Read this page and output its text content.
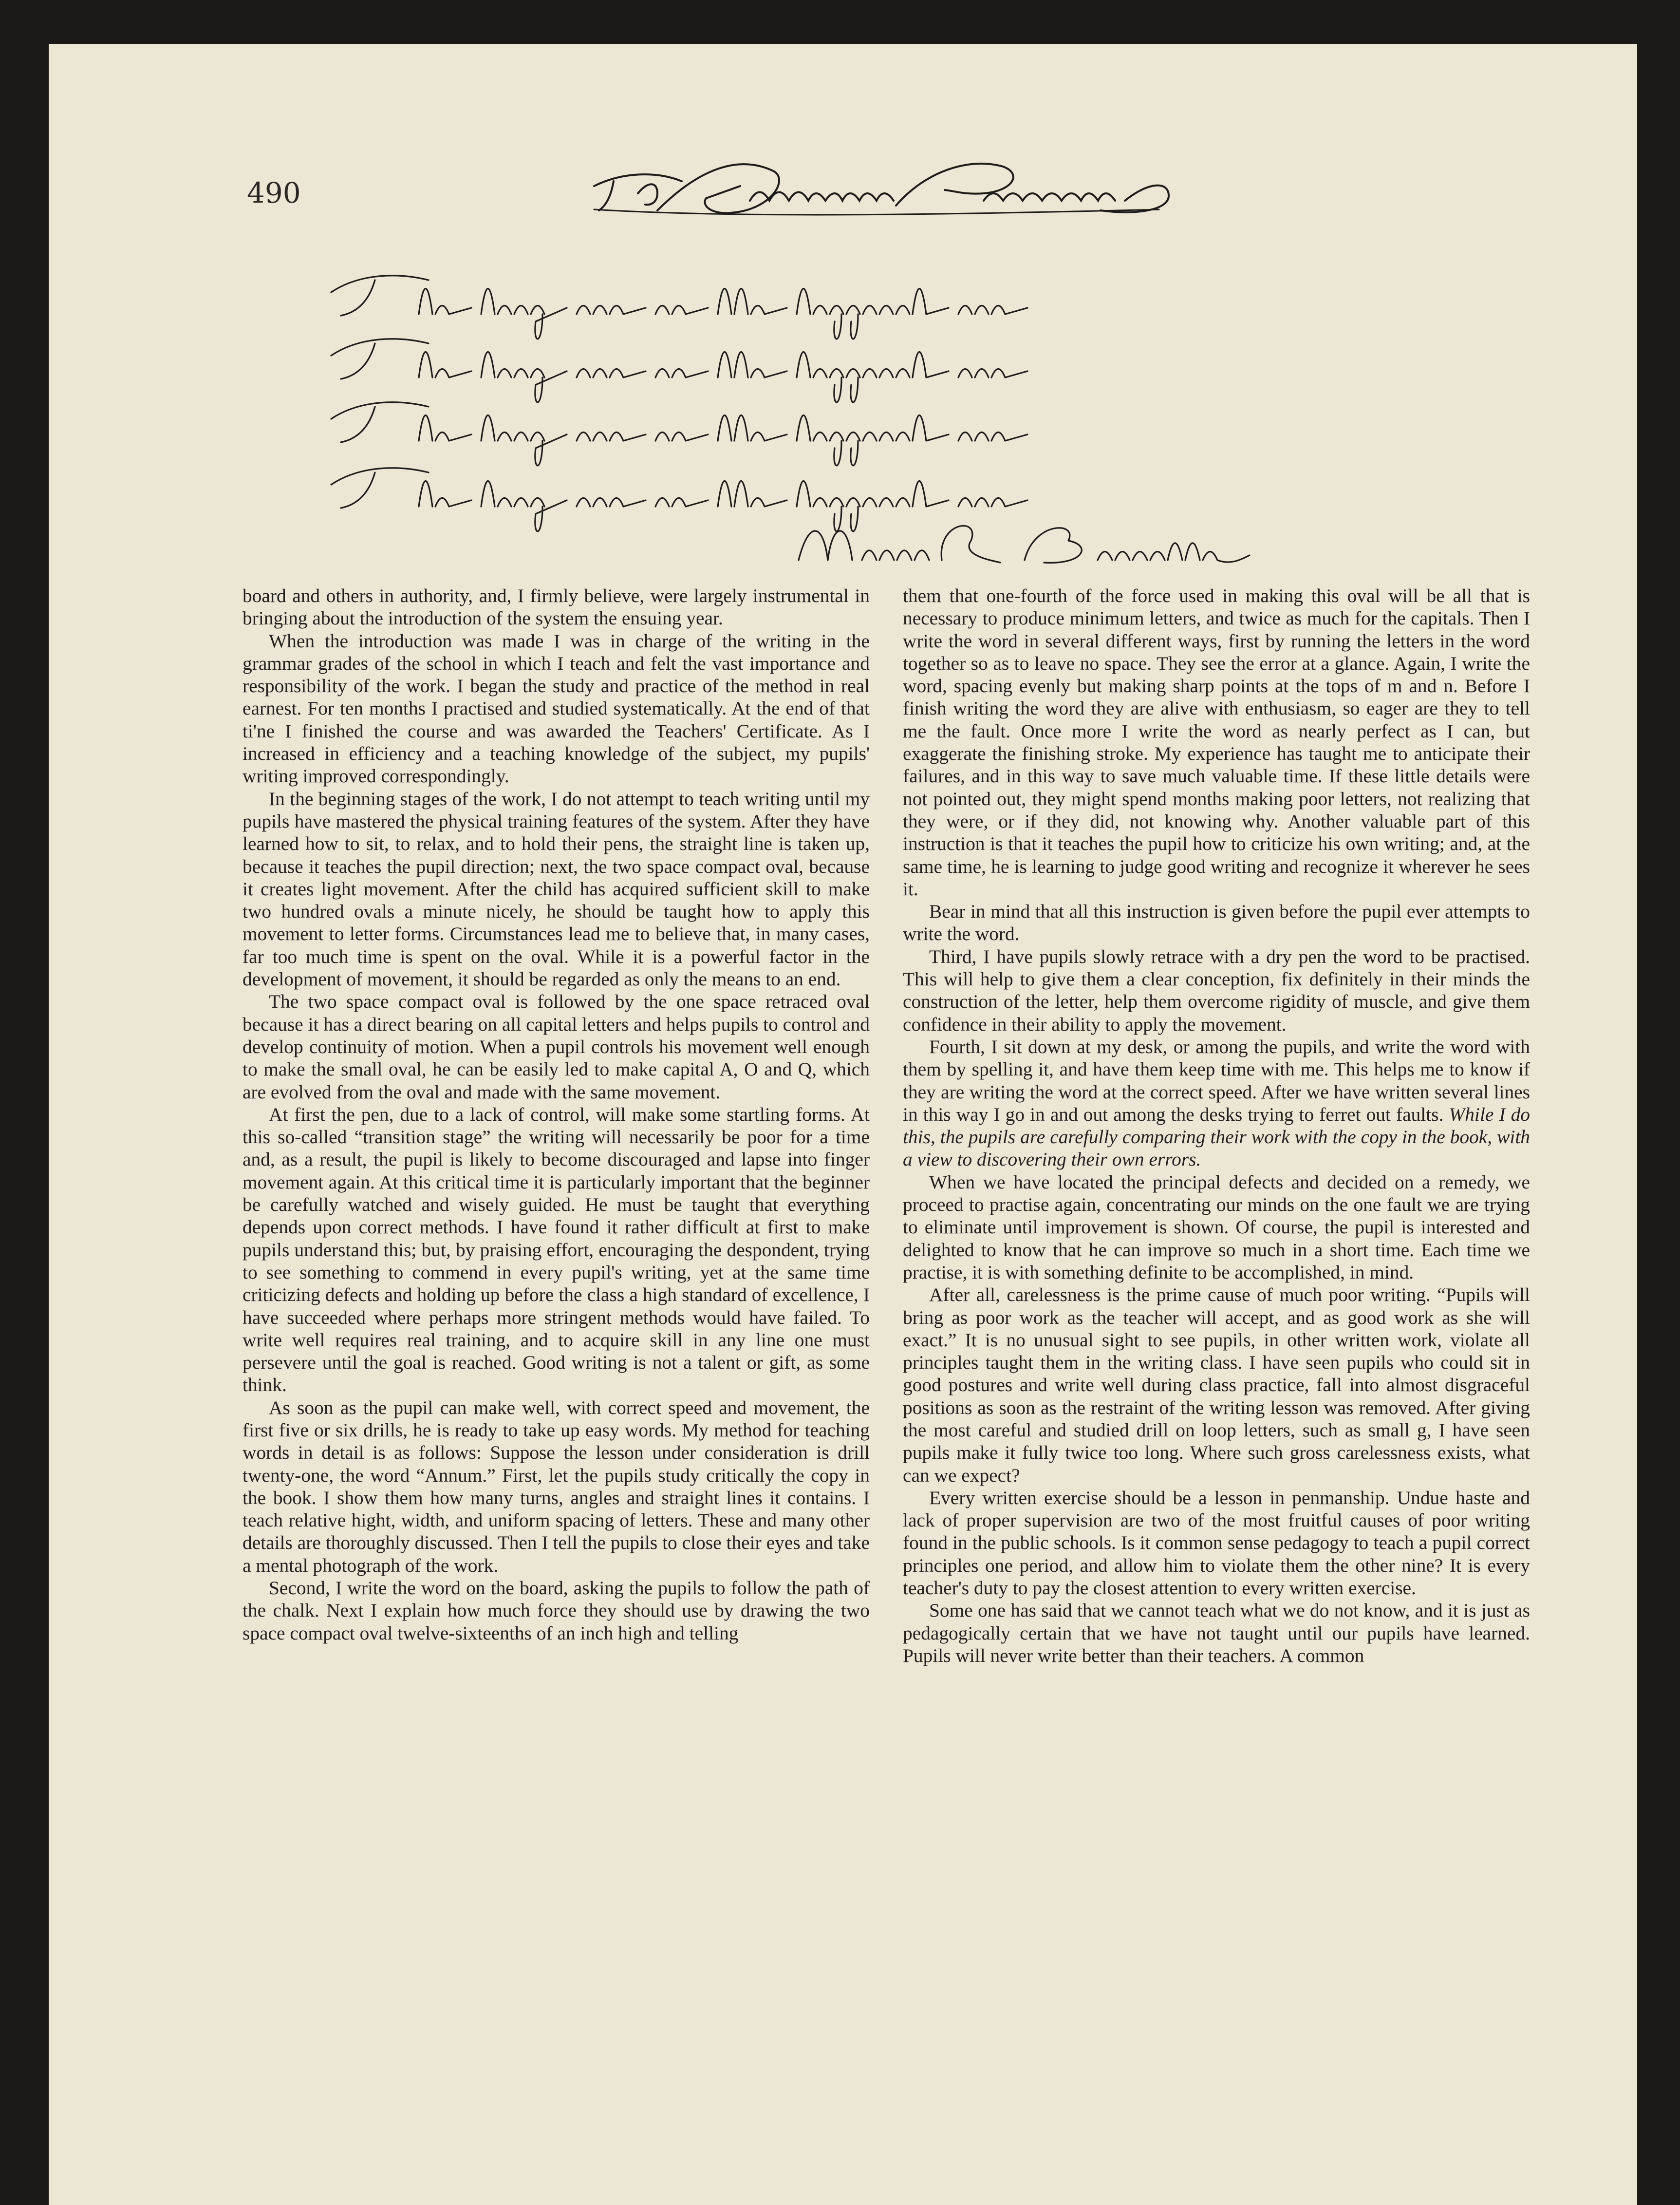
490

board and others in authority, and, I firmly believe, were largely instrumental in bringing about the introduction of the system the ensuing year.

When the introduction was made I was in charge of the writing in the grammar grades of the school in which I teach and felt the vast importance and responsibility of the work. I began the study and practice of the method in real earnest. For ten months I practised and studied systematically. At the end of that ti'ne I finished the course and was awarded the Teachers' Certificate. As I increased in efficiency and a teaching knowledge of the subject, my pupils' writing improved correspondingly.

In the beginning stages of the work, I do not attempt to teach writing until my pupils have mastered the physical training features of the system. After they have learned how to sit, to relax, and to hold their pens, the straight line is taken up, because it teaches the pupil direction; next, the two space compact oval, because it creates light movement. After the child has acquired sufficient skill to make two hundred ovals a minute nicely, he should be taught how to apply this movement to letter forms. Circumstances lead me to believe that, in many cases, far too much time is spent on the oval. While it is a powerful factor in the development of movement, it should be regarded as only the means to an end.

The two space compact oval is followed by the one space retraced oval because it has a direct bearing on all capital letters and helps pupils to control and develop continuity of motion. When a pupil controls his movement well enough to make the small oval, he can be easily led to make capital A, O and Q, which are evolved from the oval and made with the same movement.

At first the pen, due to a lack of control, will make some startling forms. At this so-called “transition stage” the writing will necessarily be poor for a time and, as a result, the pupil is likely to become discouraged and lapse into finger movement again. At this critical time it is particularly important that the beginner be carefully watched and wisely guided. He must be taught that everything depends upon correct methods. I have found it rather difficult at first to make pupils understand this; but, by praising effort, encouraging the despondent, trying to see something to commend in every pupil's writing, yet at the same time criticizing defects and holding up before the class a high standard of excellence, I have succeeded where perhaps more stringent methods would have failed. To write well requires real training, and to acquire skill in any line one must persevere until the goal is reached. Good writing is not a talent or gift, as some think.

As soon as the pupil can make well, with correct speed and movement, the first five or six drills, he is ready to take up easy words. My method for teaching words in detail is as follows: Suppose the lesson under consideration is drill twenty-one, the word “Annum.” First, let the pupils study critically the copy in the book. I show them how many turns, angles and straight lines it contains. I teach relative hight, width, and uniform spacing of letters. These and many other details are thoroughly discussed. Then I tell the pupils to close their eyes and take a mental photograph of the work.

Second, I write the word on the board, asking the pupils to follow the path of the chalk. Next I explain how much force they should use by drawing the two space compact oval twelve-sixteenths of an inch high and telling

them that one-fourth of the force used in making this oval will be all that is necessary to produce minimum letters, and twice as much for the capitals. Then I write the word in several different ways, first by running the letters in the word together so as to leave no space. They see the error at a glance. Again, I write the word, spacing evenly but making sharp points at the tops of m and n. Before I finish writing the word they are alive with enthusiasm, so eager are they to tell me the fault. Once more I write the word as nearly perfect as I can, but exaggerate the finishing stroke. My experience has taught me to anticipate their failures, and in this way to save much valuable time. If these little details were not pointed out, they might spend months making poor letters, not realizing that they were, or if they did, not knowing why. Another valuable part of this instruction is that it teaches the pupil how to criticize his own writing; and, at the same time, he is learning to judge good writing and recognize it wherever he sees it.

Bear in mind that all this instruction is given before the pupil ever attempts to write the word.

Third, I have pupils slowly retrace with a dry pen the word to be practised. This will help to give them a clear conception, fix definitely in their minds the construction of the letter, help them overcome rigidity of muscle, and give them confidence in their ability to apply the movement.

Fourth, I sit down at my desk, or among the pupils, and write the word with them by spelling it, and have them keep time with me. This helps me to know if they are writing the word at the correct speed. After we have written several lines in this way I go in and out among the desks trying to ferret out faults. While I do this, the pupils are carefully comparing their work with the copy in the book, with a view to discovering their own errors.

When we have located the principal defects and decided on a remedy, we proceed to practise again, concentrating our minds on the one fault we are trying to eliminate until improvement is shown. Of course, the pupil is interested and delighted to know that he can improve so much in a short time. Each time we practise, it is with something definite to be accomplished, in mind.

After all, carelessness is the prime cause of much poor writing. “Pupils will bring as poor work as the teacher will accept, and as good work as she will exact.” It is no unusual sight to see pupils, in other written work, violate all principles taught them in the writing class. I have seen pupils who could sit in good postures and write well during class practice, fall into almost disgraceful positions as soon as the restraint of the writing lesson was removed. After giving the most careful and studied drill on loop letters, such as small g, I have seen pupils make it fully twice too long. Where such gross carelessness exists, what can we expect?

Every written exercise should be a lesson in penmanship. Undue haste and lack of proper supervision are two of the most fruitful causes of poor writing found in the public schools. Is it common sense pedagogy to teach a pupil correct principles one period, and allow him to violate them the other nine? It is every teacher's duty to pay the closest attention to every written exercise.

Some one has said that we cannot teach what we do not know, and it is just as pedagogically certain that we have not taught until our pupils have learned. Pupils will never write better than their teachers. A common
